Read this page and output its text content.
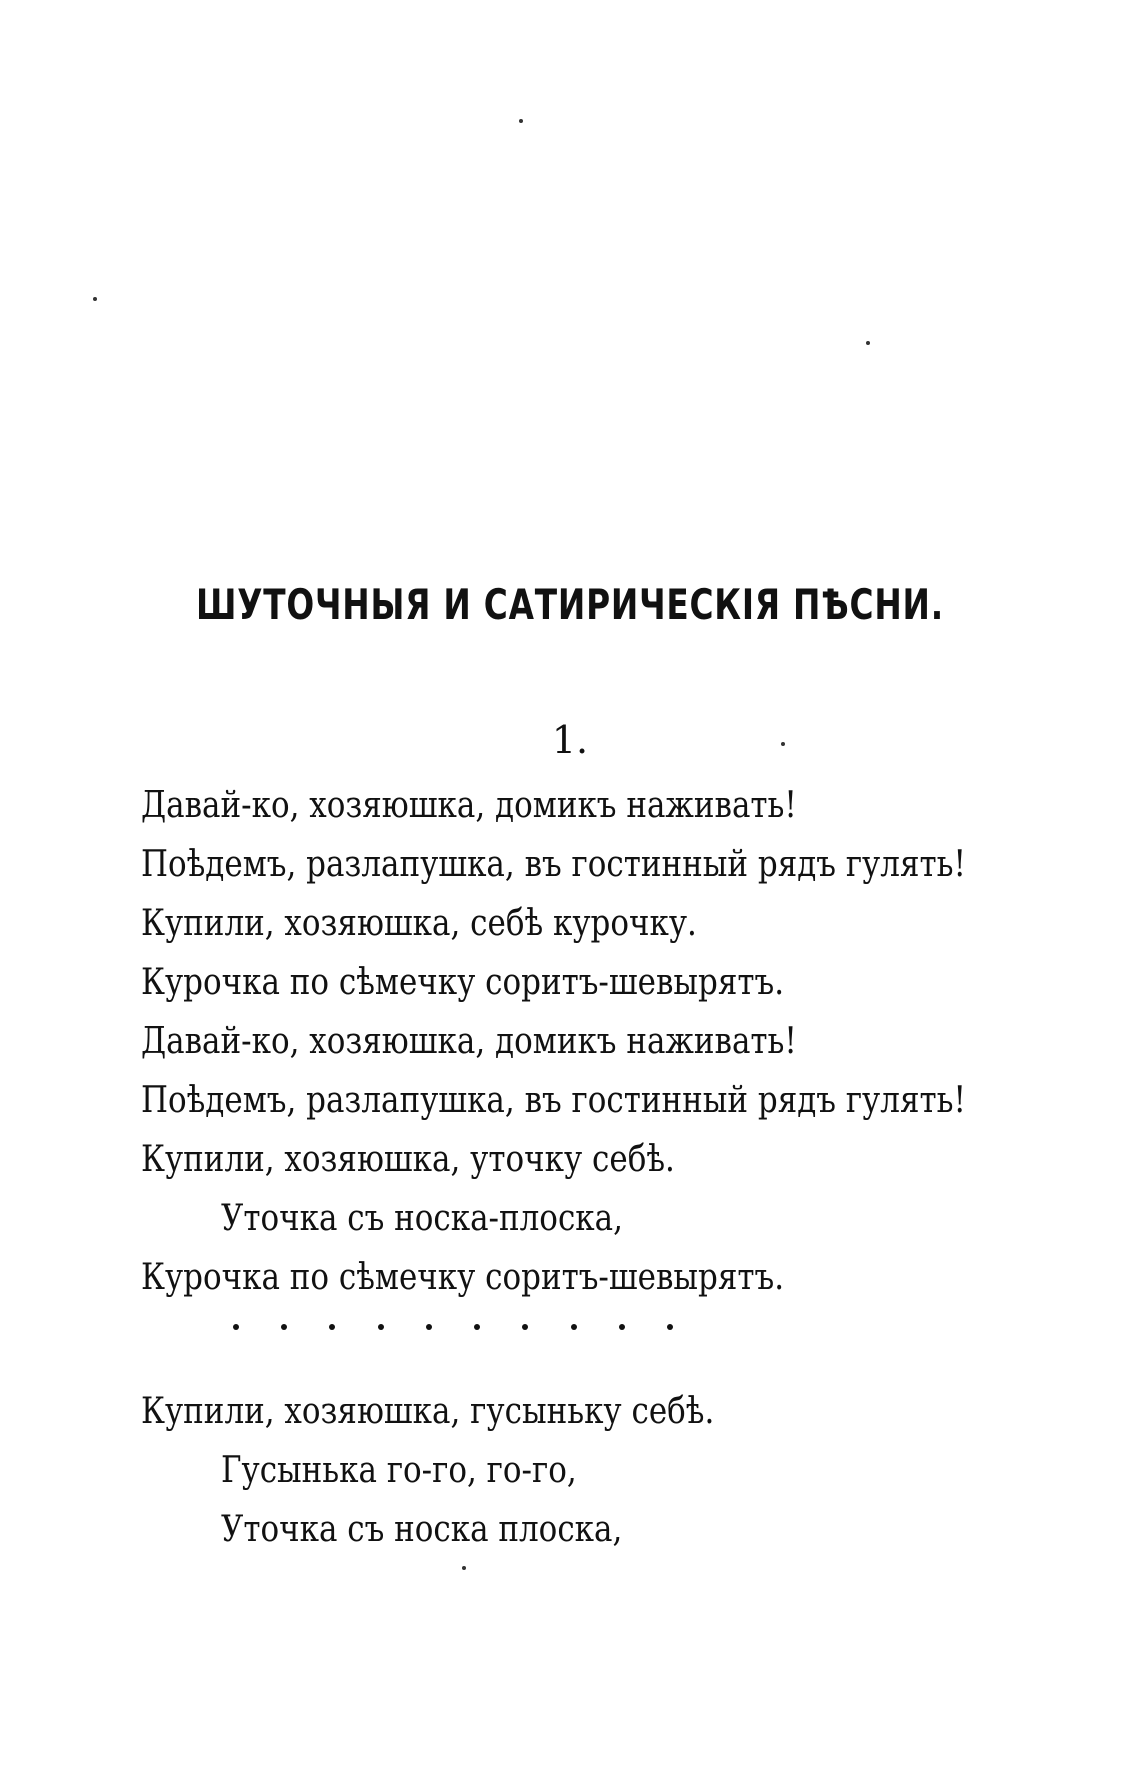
ШУТОЧНЫЯ И САТИРИЧЕСКІЯ ПѢСНИ.
1.
Давай-ко, хозяюшка, домикъ наживать!
Поѣдемъ, разлапушка, въ гостинный рядъ гулять!
Купили, хозяюшка, себѣ курочку.
Курочка по сѣмечку соритъ-шевырятъ.
Давай-ко, хозяюшка, домикъ наживать!
Поѣдемъ, разлапушка, въ гостинный рядъ гулять!
Купили, хозяюшка, уточку себѣ.
Уточка съ носка-плоска,
Курочка по сѣмечку соритъ-шевырятъ.
Купили, хозяюшка, гусыньку себѣ.
Гусынька го-го, го-го,
Уточка съ носка плоска,
